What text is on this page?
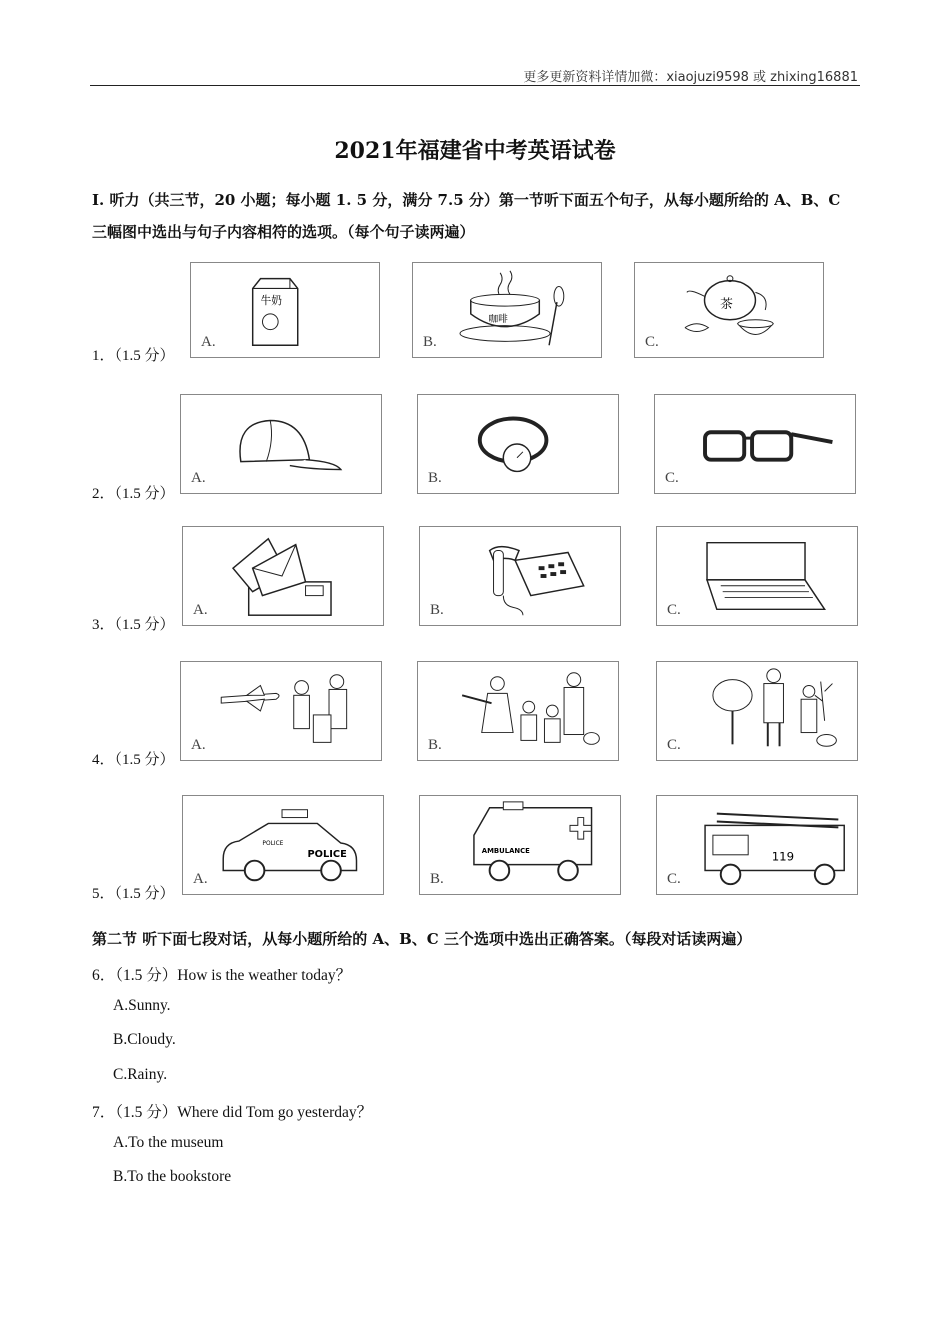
更多更新资料详情加微：xiaojuzi9598 或 zhixing16881
2021年福建省中考英语试卷
Ⅰ. 听力（共三节，20 小题；每小题 1. 5 分，满分 7.5 分）第一节听下面五个句子，从每小题所给的 A、B、C 三幅图中选出与句子内容相符的选项。（每个句子读两遍）
1．（1.5 分）
牛奶
A.
咖啡
B.
茶
C.
2．（1.5 分）
A.	B.	C.
3．（1.5 分）
A.	B.	C.
4．（1.5 分）
A.	B.	C.
5．（1.5 分）
POLICE
POLICE
A.
AMBULANCE
B.
119
C.
第二节 听下面七段对话，从每小题所给的 A、B、C 三个选项中选出正确答案。（每段对话读两遍）
6．（1.5 分）How is the weather today？
A.Sunny.
B.Cloudy.
C.Rainy.
7．（1.5 分）Where did Tom go yesterday？
A.To the museum
B.To the bookstore
